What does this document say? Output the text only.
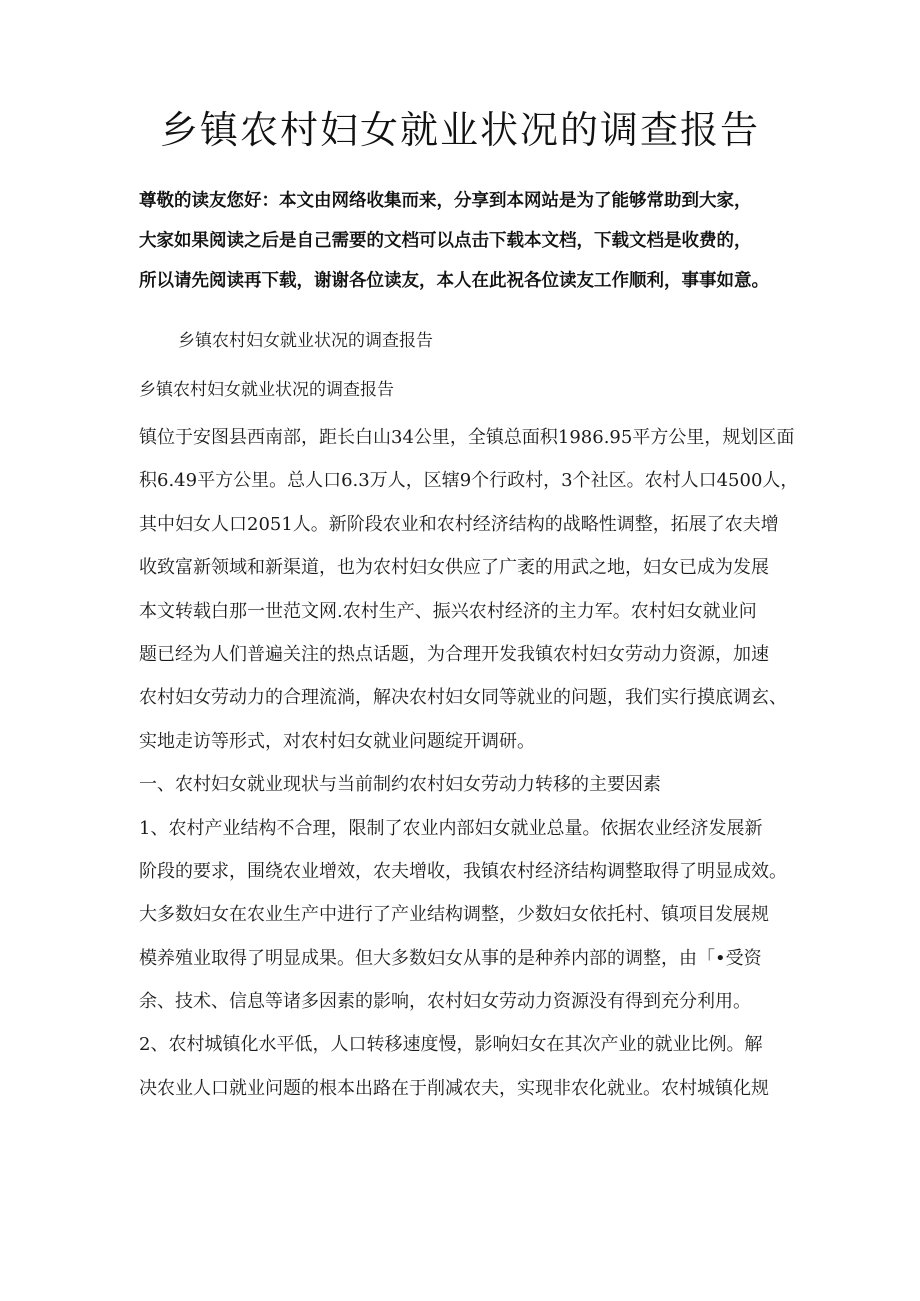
乡镇农村妇女就业状况的调查报告
尊敬的读友您好：本文由网络收集而来，分享到本网站是为了能够常助到大家，
大家如果阅读之后是自己需要的文档可以点击下载本文档，下载文档是收费的，
所以请先阅读再下载，谢谢各位读友，本人在此祝各位读友工作顺利，事事如意。

乡镇农村妇女就业状况的调查报告

乡镇农村妇女就业状况的调查报告

镇位于安图县西南部，距长白山34公里，全镇总面积1986.95平方公里，规划区面
积6.49平方公里。总人口6.3万人，区辖9个行政村，3个社区。农村人口4500人，
其中妇女人口2051人。新阶段农业和农村经济结构的战略性调整，拓展了农夫增
收致富新领域和新渠道，也为农村妇女供应了广袤的用武之地，妇女已成为发展
本文转载白那一世范文网.农村生产、振兴农村经济的主力军。农村妇女就业问
题已经为人们普遍关注的热点话题，为合理开发我镇农村妇女劳动力资源，加速
农村妇女劳动力的合理流淌，解决农村妇女同等就业的问题，我们实行摸底调玄、
实地走访等形式，对农村妇女就业问题绽开调研。
一、农村妇女就业现状与当前制约农村妇女劳动力转移的主要因素
1、农村产业结构不合理，限制了农业内部妇女就业总量。依据农业经济发展新
阶段的要求，围绕农业增效，农夫增收，我镇农村经济结构调整取得了明显成效。
大多数妇女在农业生产中进行了产业结构调整，少数妇女依托村、镇项目发展规
模养殖业取得了明显成果。但大多数妇女从事的是种养内部的调整，由「•受资
余、技术、信息等诸多因素的影响，农村妇女劳动力资源没有得到充分利用。
2、农村城镇化水平低，人口转移速度慢，影响妇女在其次产业的就业比例。解
决农业人口就业问题的根本出路在于削减农夫，实现非农化就业。农村城镇化规
